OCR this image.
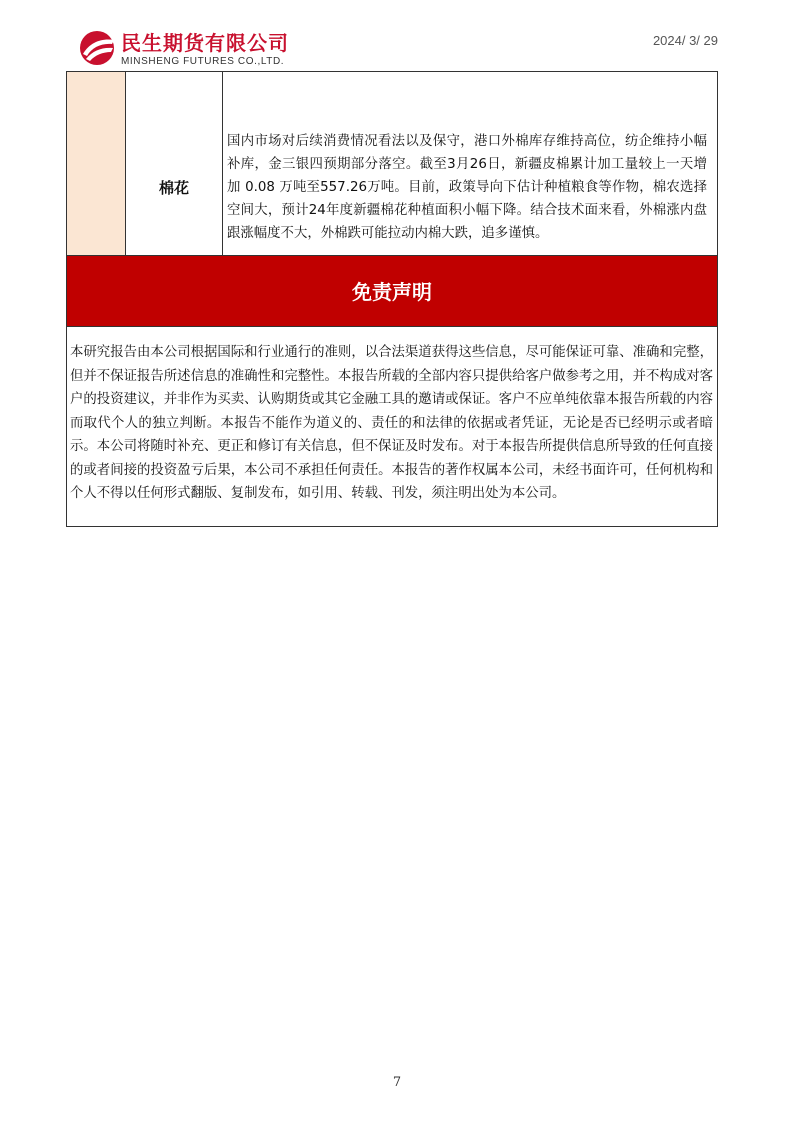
民生期货有限公司
MINSHENG FUTURES CO.,LTD.
2024/ 3/ 29
	棉花	国内市场对后续消费情况看法以及保守，港口外棉库存维持高位，纺企维持小幅补库，金三银四预期部分落空。截至3月26日，新疆皮棉累计加工量较上一天增加 0.08 万吨至557.26万吨。目前，政策导向下估计种植粮食等作物，棉农选择空间大，预计24年度新疆棉花种植面积小幅下降。结合技术面来看，外棉涨内盘跟涨幅度不大，外棉跌可能拉动内棉大跌，追多谨慎。
免责声明
本研究报告由本公司根据国际和行业通行的准则，以合法渠道获得这些信息，尽可能保证可靠、准确和完整，但并不保证报告所述信息的准确性和完整性。本报告所载的全部内容只提供给客户做参考之用，并不构成对客户的投资建议，并非作为买卖、认购期货或其它金融工具的邀请或保证。客户不应单纯依靠本报告所载的内容而取代个人的独立判断。本报告不能作为道义的、责任的和法律的依据或者凭证，无论是否已经明示或者暗示。本公司将随时补充、更正和修订有关信息，但不保证及时发布。对于本报告所提供信息所导致的任何直接的或者间接的投资盈亏后果，本公司不承担任何责任。本报告的著作权属本公司，未经书面许可，任何机构和个人不得以任何形式翻版、复制发布，如引用、转载、刊发，须注明出处为本公司。
7
